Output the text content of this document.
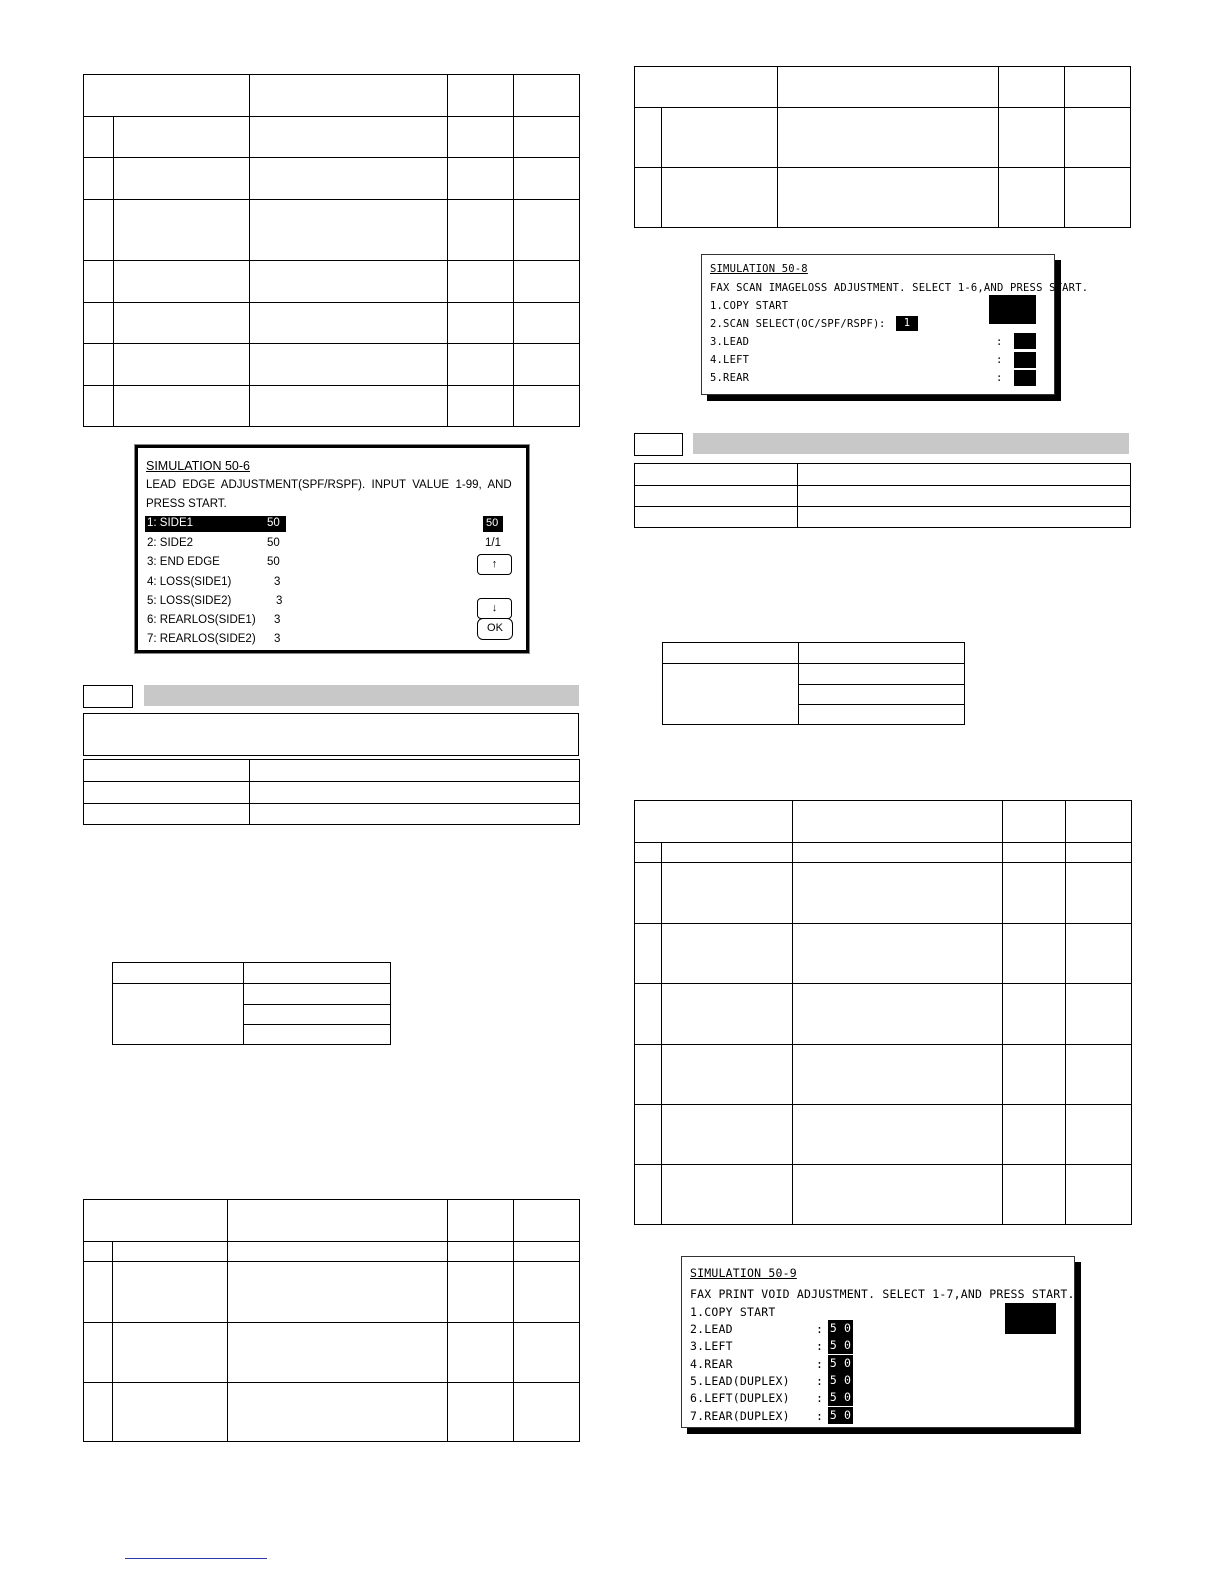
SIMULATION 50-6
LEAD  EDGE  ADJUSTMENT(SPF/RSPF).  INPUT  VALUE  1-99,  AND
PRESS START.
1: SIDE1	50
2: SIDE2	50
3: END EDGE	50
4: LOSS(SIDE1)	3
5: LOSS(SIDE2)	3
6: REARLOS(SIDE1) 3
7: REARLOS(SIDE2) 3
50
1/1
↑
↓
OK

SIMULATION 50-8
FAX SCAN IMAGELOSS ADJUSTMENT. SELECT 1-6,AND PRESS START.
1.COPY START
2.SCAN SELECT(OC/SPF/RSPF) :	1
3.LEAD	:
4.LEFT	:
5.REAR	:

SIMULATION 50-9
FAX PRINT VOID ADJUSTMENT. SELECT 1-7,AND PRESS START.
1.COPY START
2.LEAD	: 5 0
3.LEFT	: 5 0
4.REAR	: 5 0
5.LEAD(DUPLEX) : 5 0
6.LEFT(DUPLEX) : 5 0
7.REAR(DUPLEX) : 5 0
